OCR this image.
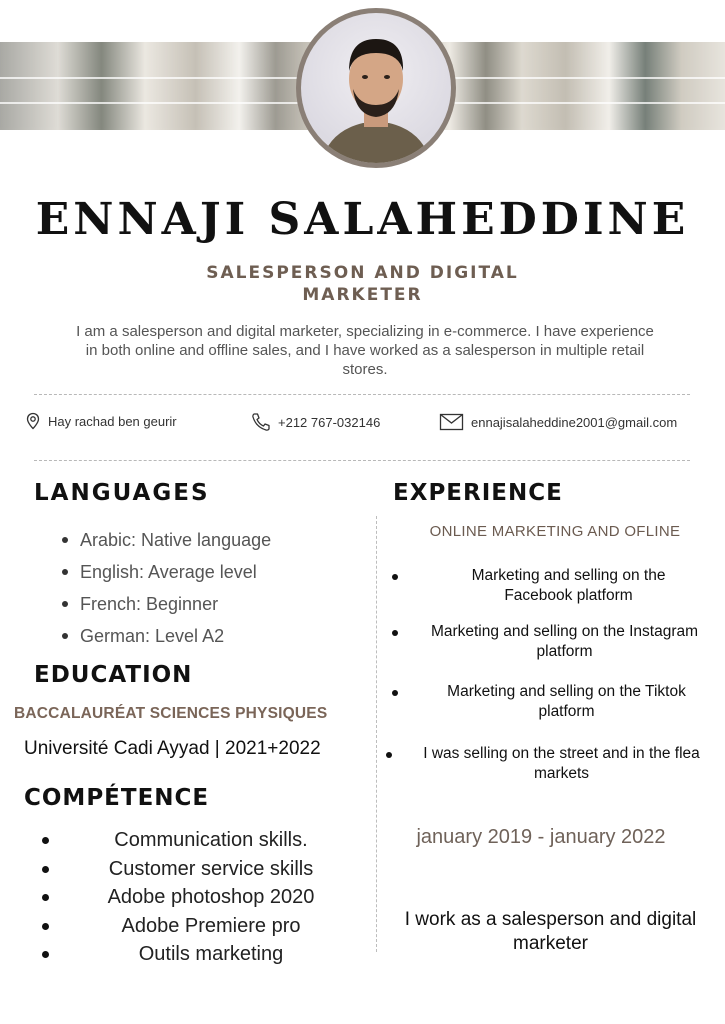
ENNAJI SALAHEDDINE
SALESPERSON AND DIGITAL MARKETER
I am a salesperson and digital marketer, specializing in e-commerce. I have experience in both online and offline sales, and I have worked as a salesperson in multiple retail stores.
Hay rachad ben geurir	+212 767-032146	ennajisalaheddine2001@gmail.com
LANGUAGES
Arabic: Native language
English: Average level
French: Beginner
German: Level A2
EDUCATION
BACCALAURÉAT SCIENCES PHYSIQUES
Université Cadi Ayyad | 2021+2022
COMPÉTENCE
Communication skills.
Customer service skills
Adobe photoshop 2020
Adobe Premiere pro
Outils marketing
EXPERIENCE
ONLINE MARKETING AND OFLINE
Marketing and selling on the Facebook platform
Marketing and selling on the Instagram platform
Marketing and selling on the Tiktok platform
I was selling on the street and in the flea markets
january 2019 - january 2022
I work as a salesperson and digital marketer
